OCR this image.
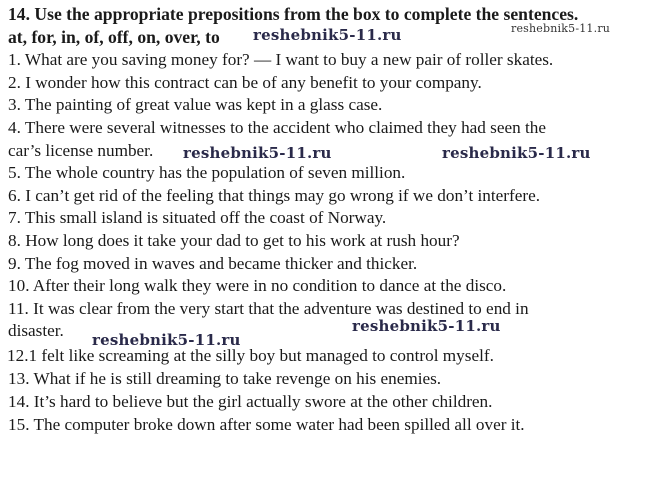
14. Use the appropriate prepositions from the box to complete the sentences.
at, for, in, of, off, on, over, to
1. What are you saving money for? — I want to buy a new pair of roller skates.
2. I wonder how this contract can be of any benefit to your company.
3. The painting of great value was kept in a glass case.
4. There were several witnesses to the accident who claimed they had seen the
car’s license number.
5. The whole country has the population of seven million.
6. I can’t get rid of the feeling that things may go wrong if we don’t interfere.
7. This small island is situated off the coast of Norway.
8. How long does it take your dad to get to his work at rush hour?
9. The fog moved in waves and became thicker and thicker.
10. After their long walk they were in no condition to dance at the disco.
11. It was clear from the very start that the adventure was destined to end in
disaster.
12.1 felt like screaming at the silly boy but managed to control myself.
13. What if he is still dreaming to take revenge on his enemies.
14. It’s hard to believe but the girl actually swore at the other children.
15. The computer broke down after some water had been spilled all over it.
reshebnik5-11.ru	reshebnik5-11.ru
reshebnik5-11.ru	reshebnik5-11.ru
reshebnik5-11.ru
reshebnik5-11.ru
